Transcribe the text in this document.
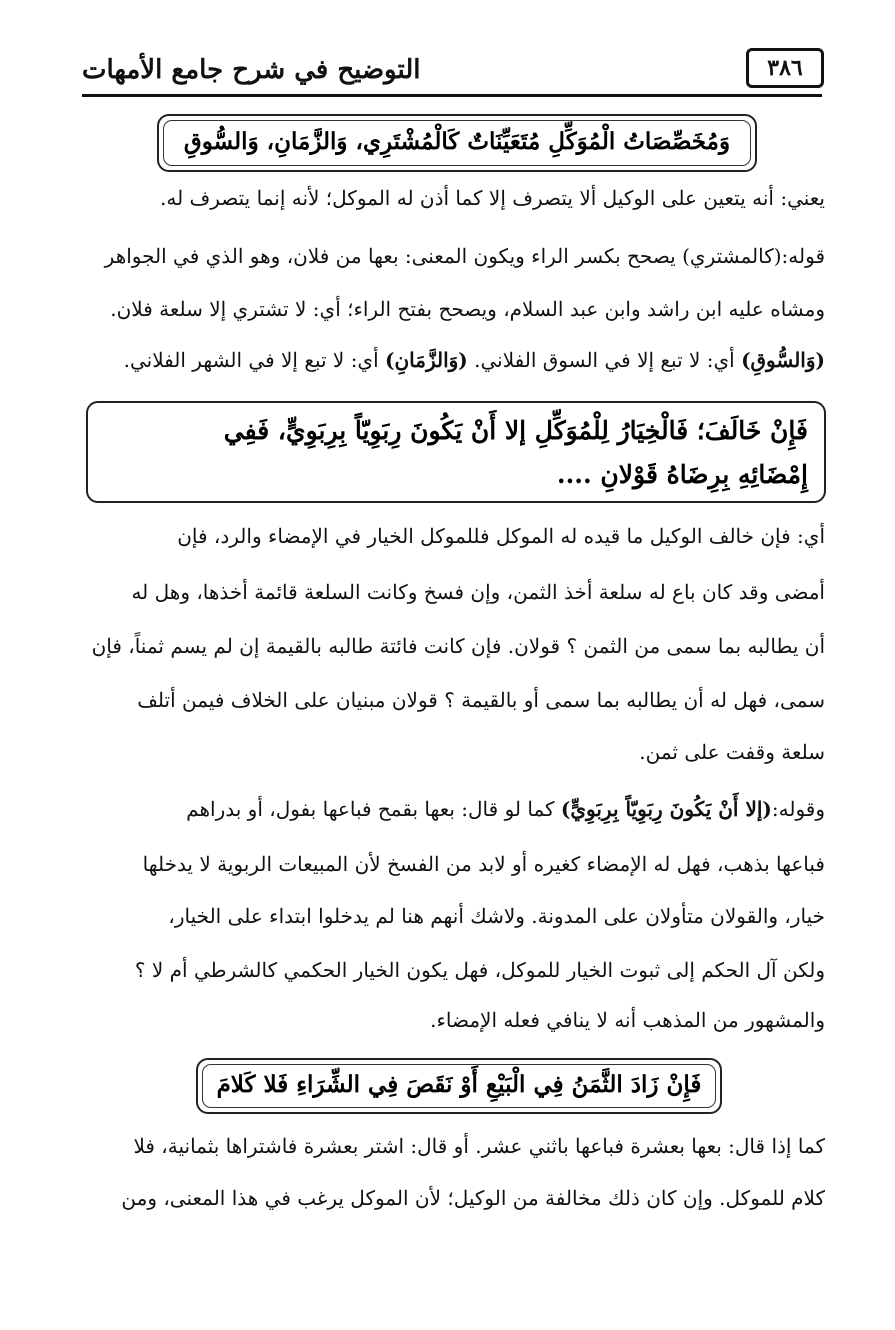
التوضيح في شرح جامع الأمهات	٣٨٦
وَمُخَصِّصَاتُ الْمُوَكِّلِ مُتَعَيِّنَاتٌ كَالْمُشْتَرِي، وَالزَّمَانِ، وَالسُّوقِ
يعني: أنه يتعين على الوكيل ألا يتصرف إلا كما أذن له الموكل؛ لأنه إنما يتصرف له.
قوله:(كالمشتري) يصحح بكسر الراء ويكون المعنى: بعها من فلان، وهو الذي في الجواهر
ومشاه عليه ابن راشد وابن عبد السلام، ويصحح بفتح الراء؛ أي: لا تشتري إلا سلعة فلان.
(وَالسُّوقِ) أي: لا تبع إلا في السوق الفلاني. (وَالزَّمَانِ) أي: لا تبع إلا في الشهر الفلاني.
فَإِنْ خَالَفَ؛ فَالْخِيَارُ لِلْمُوَكِّلِ إلا أَنْ يَكُونَ رِبَوِيّاً بِرِبَوِيٍّ، فَفِي
إِمْضَائِهِ بِرِضَاهُ قَوْلانِ ....
أي: فإن خالف الوكيل ما قيده له الموكل فللموكل الخيار في الإمضاء والرد، فإن
أمضى وقد كان باع له سلعة أخذ الثمن، وإن فسخ وكانت السلعة قائمة أخذها، وهل له
أن يطالبه بما سمى من الثمن ؟ قولان. فإن كانت فائتة طالبه بالقيمة إن لم يسم ثمناً، فإن
سمى، فهل له أن يطالبه بما سمى أو بالقيمة ؟ قولان مبنيان على الخلاف فيمن أتلف
سلعة وقفت على ثمن.
وقوله:(إلا أَنْ يَكُونَ رِبَوِيّاً بِرِبَوِيٍّ) كما لو قال: بعها بقمح فباعها بفول، أو بدراهم
فباعها بذهب، فهل له الإمضاء كغيره أو لابد من الفسخ لأن المبيعات الربوية لا يدخلها
خيار، والقولان متأولان على المدونة. ولاشك أنهم هنا لم يدخلوا ابتداء على الخيار،
ولكن آل الحكم إلى ثبوت الخيار للموكل، فهل يكون الخيار الحكمي كالشرطي أم لا ؟
والمشهور من المذهب أنه لا ينافي فعله الإمضاء.
فَإِنْ زَادَ الثَّمَنُ فِي الْبَيْعِ أَوْ نَقَصَ فِي الشِّرَاءِ فَلا كَلامَ
كما إذا قال: بعها بعشرة فباعها باثني عشر. أو قال: اشتر بعشرة فاشتراها بثمانية، فلا
كلام للموكل. وإن كان ذلك مخالفة من الوكيل؛ لأن الموكل يرغب في هذا المعنى، ومن
